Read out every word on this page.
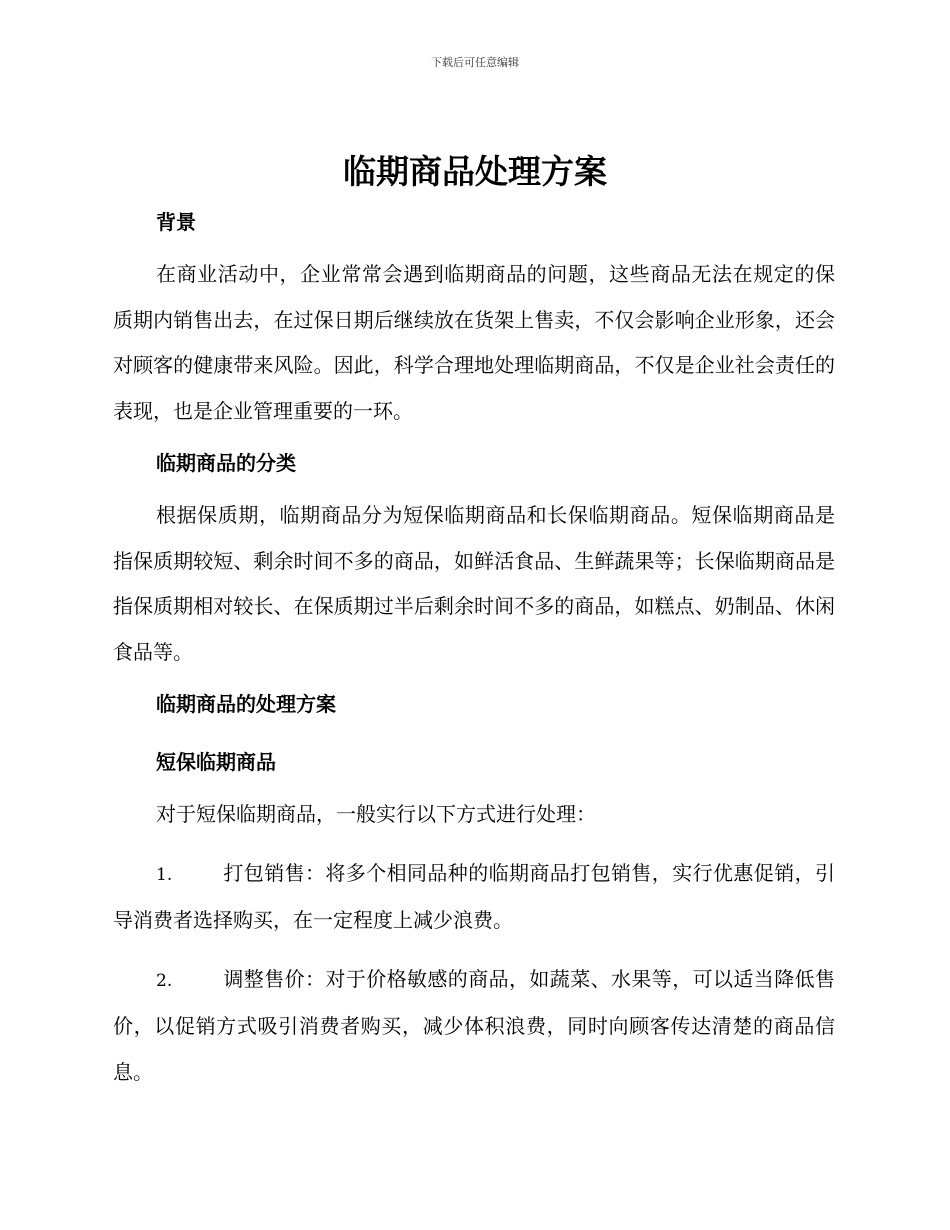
下载后可任意编辑
临期商品处理方案

背景

在商业活动中，企业常常会遇到临期商品的问题，这些商品无法在规定的保质期内销售出去，在过保日期后继续放在货架上售卖，不仅会影响企业形象，还会对顾客的健康带来风险。因此，科学合理地处理临期商品，不仅是企业社会责任的表现，也是企业管理重要的一环。

临期商品的分类

根据保质期，临期商品分为短保临期商品和长保临期商品。短保临期商品是指保质期较短、剩余时间不多的商品，如鲜活食品、生鲜蔬果等；长保临期商品是指保质期相对较长、在保质期过半后剩余时间不多的商品，如糕点、奶制品、休闲食品等。

临期商品的处理方案

短保临期商品

对于短保临期商品，一般实行以下方式进行处理：

1.	打包销售：将多个相同品种的临期商品打包销售，实行优惠促销，引导消费者选择购买，在一定程度上减少浪费。

2.	调整售价：对于价格敏感的商品，如蔬菜、水果等，可以适当降低售价，以促销方式吸引消费者购买，减少体积浪费，同时向顾客传达清楚的商品信息。
